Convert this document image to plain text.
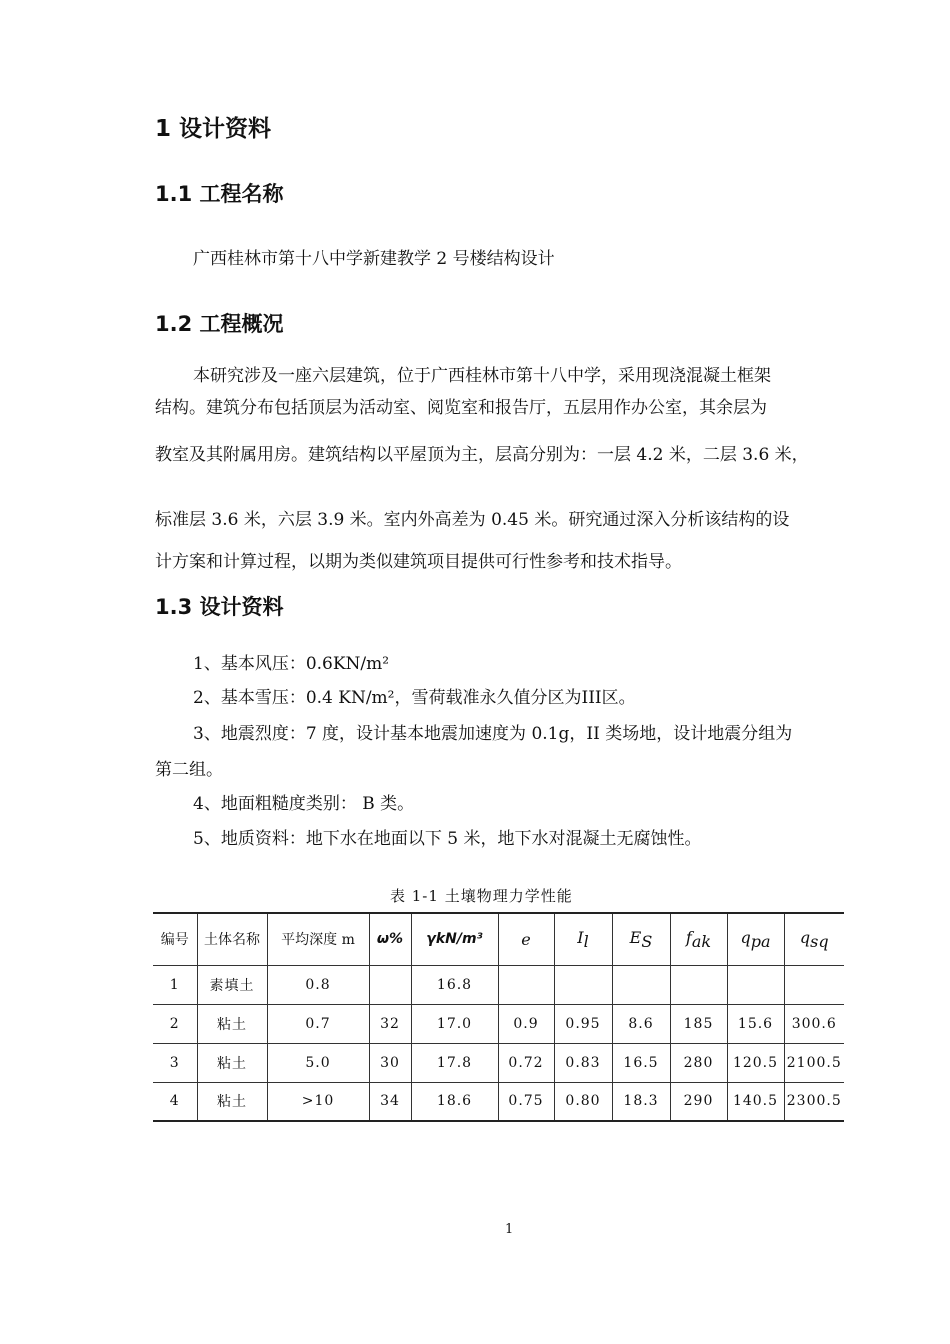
1 设计资料
1.1 工程名称
广西桂林市第十八中学新建教学 2 号楼结构设计
1.2 工程概况
本研究涉及一座六层建筑，位于广西桂林市第十八中学，采用现浇混凝土框架
结构。建筑分布包括顶层为活动室、阅览室和报告厅，五层用作办公室，其余层为
教室及其附属用房。建筑结构以平屋顶为主，层高分别为：一层 4.2 米，二层 3.6 米，
标准层 3.6 米，六层 3.9 米。室内外高差为 0.45 米。研究通过深入分析该结构的设
计方案和计算过程，以期为类似建筑项目提供可行性参考和技术指导。
1.3 设计资料
1、基本风压：0.6KN/m²
2、基本雪压：0.4 KN/m²，雪荷载准永久值分区为III区。
3、地震烈度：7 度，设计基本地震加速度为 0.1g，II 类场地，设计地震分组为
第二组。
4、地面粗糙度类别： B 类。
5、地质资料：地下水在地面以下 5 米，地下水对混凝土无腐蚀性。
表 1-1 土壤物理力学性能
编号	土体名称	平均深度 m	ω%	γkN/m³	e	$I_l$	$E_S$	$f_{ak}$	$q_{pa}$	$q_{sq}$
1	素填土	0.8		16.8						
2	粘土	0.7	32	17.0	0.9	0.95	8.6	185	15.6	300.6
3	粘土	5.0	30	17.8	0.72	0.83	16.5	280	120.5	2100.5
4	粘土	>10	34	18.6	0.75	0.80	18.3	290	140.5	2300.5
1
